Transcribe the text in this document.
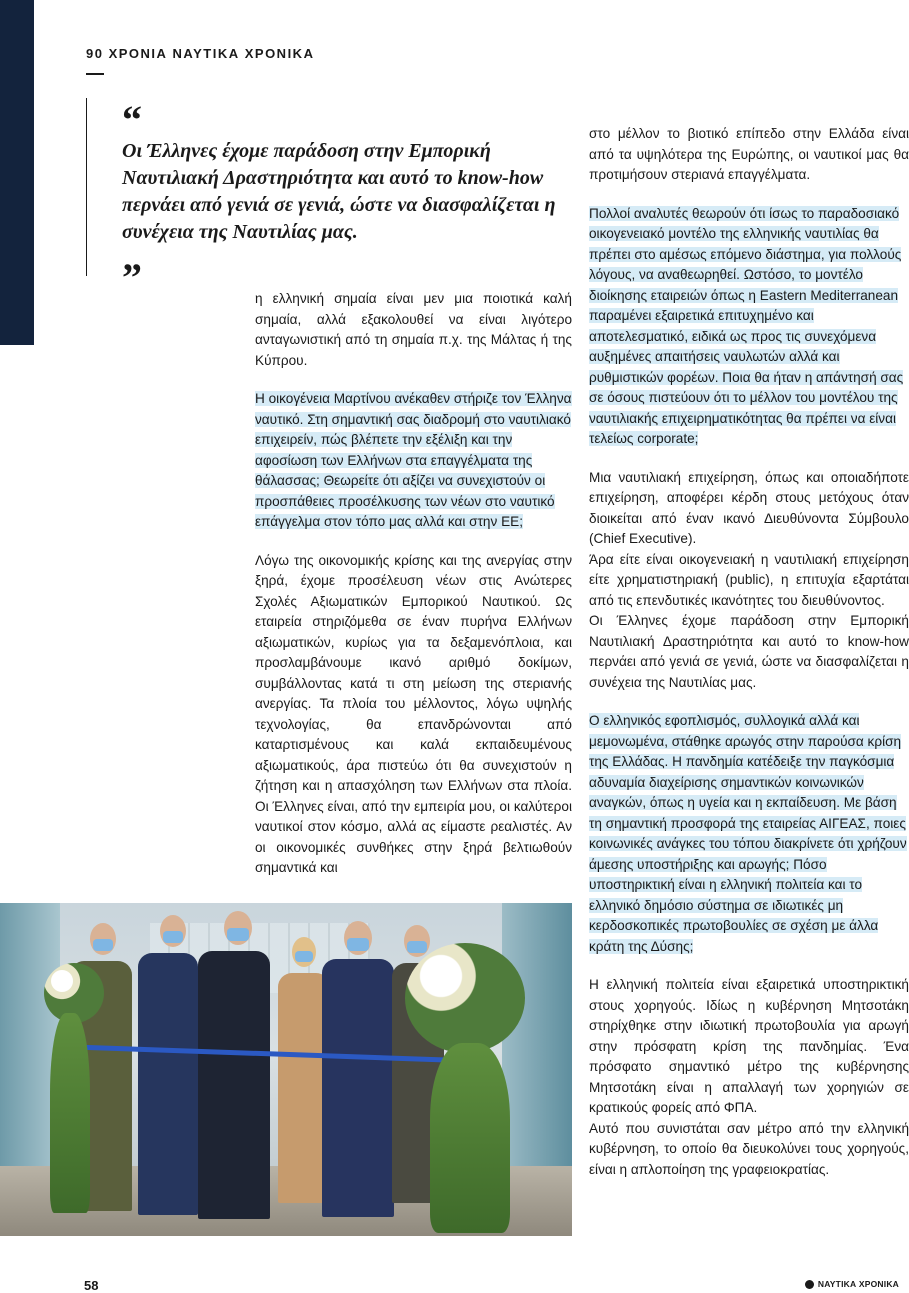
90 ΧΡΟΝΙΑ ΝΑΥΤΙΚΑ ΧΡΟΝΙΚΑ
“

Οι Έλληνες έχομε παράδοση στην Εμπορική Ναυτιλιακή Δραστηριότητα και αυτό το know-how περνάει από γενιά σε γενιά, ώστε να διασφαλίζεται η συνέχεια της Ναυτιλίας μας.

”	η ελληνική σημαία είναι μεν μια ποιοτικά καλή σημαία, αλλά εξακολουθεί να είναι λιγότερο ανταγωνιστική από τη σημαία π.χ. της Μάλτας ή της Κύπρου.

Η οικογένεια Μαρτίνου ανέκαθεν στήριζε τον Έλληνα ναυτικό. Στη σημαντική σας διαδρομή στο ναυτιλιακό επιχειρείν, πώς βλέπετε την εξέλιξη και την αφοσίωση των Ελλήνων στα επαγγέλματα της θάλασσας; Θεωρείτε ότι αξίζει να συνεχιστούν οι προσπάθειες προσέλκυσης των νέων στο ναυτικό επάγγελμα στον τόπο μας αλλά και στην ΕΕ;

Λόγω της οικονομικής κρίσης και της ανεργίας στην ξηρά, έχομε προσέλευση νέων στις Ανώτερες Σχολές Αξιωματικών Εμπορικού Ναυτικού. Ως εταιρεία στηριζόμεθα σε έναν πυρήνα Ελλήνων αξιωματικών, κυρίως για τα δεξαμενόπλοια, και προσλαμβάνουμε ικανό αριθμό δοκίμων, συμβάλλοντας κατά τι στη μείωση της στεριανής ανεργίας. Τα πλοία του μέλλοντος, λόγω υψηλής τεχνολογίας, θα επανδρώνονται από καταρτισμένους και καλά εκπαιδευμένους αξιωματικούς, άρα πιστεύω ότι θα συνεχιστούν η ζήτηση και η απασχόληση των Ελλήνων στα πλοία. Οι Έλληνες είναι, από την εμπειρία μου, οι καλύτεροι ναυτικοί στον κόσμο, αλλά ας είμαστε ρεαλιστές. Αν οι οικονομικές συνθήκες στην ξηρά βελτιωθούν σημαντικά και

στο μέλλον το βιοτικό επίπεδο στην Ελλάδα είναι από τα υψηλότερα της Ευρώπης, οι ναυτικοί μας θα προτιμήσουν στεριανά επαγγέλματα.

Πολλοί αναλυτές θεωρούν ότι ίσως το παραδοσιακό οικογενειακό μοντέλο της ελληνικής ναυτιλίας θα πρέπει στο αμέσως επόμενο διάστημα, για πολλούς λόγους, να αναθεωρηθεί. Ωστόσο, το μοντέλο διοίκησης εταιρειών όπως η Eastern Mediterranean παραμένει εξαιρετικά επιτυχημένο και αποτελεσματικό, ειδικά ως προς τις συνεχόμενα αυξημένες απαιτήσεις ναυλωτών αλλά και ρυθμιστικών φορέων. Ποια θα ήταν η απάντησή σας σε όσους πιστεύουν ότι το μέλλον του μοντέλου της ναυτιλιακής επιχειρηματικότητας θα πρέπει να είναι τελείως corporate;

Μια ναυτιλιακή επιχείρηση, όπως και οποιαδήποτε επιχείρηση, αποφέρει κέρδη στους μετόχους όταν διοικείται από έναν ικανό Διευθύνοντα Σύμβουλο (Chief Executive).

Άρα είτε είναι οικογενειακή η ναυτιλιακή επιχείρηση είτε χρηματιστηριακή (public), η επιτυχία εξαρτάται από τις επενδυτικές ικανότητες του διευθύνοντος.

Οι Έλληνες έχομε παράδοση στην Εμπορική Ναυτιλιακή Δραστηριότητα και αυτό το know-how περνάει από γενιά σε γενιά, ώστε να διασφαλίζεται η συνέχεια της Ναυτιλίας μας.

Ο ελληνικός εφοπλισμός, συλλογικά αλλά και μεμονωμένα, στάθηκε αρωγός στην παρούσα κρίση της Ελλάδας. Η πανδημία κατέδειξε την παγκόσμια αδυναμία διαχείρισης σημαντικών κοινωνικών αναγκών, όπως η υγεία και η εκπαίδευση. Με βάση τη σημαντική προσφορά της εταιρείας ΑΙΓΕΑΣ, ποιες κοινωνικές ανάγκες του τόπου διακρίνετε ότι χρήζουν άμεσης υποστήριξης και αρωγής; Πόσο υποστηρικτική είναι η ελληνική πολιτεία και το ελληνικό δημόσιο σύστημα σε ιδιωτικές μη κερδοσκοπικές πρωτοβουλίες σε σχέση με άλλα κράτη της Δύσης;

Η ελληνική πολιτεία είναι εξαιρετικά υποστηρικτική στους χορηγούς. Ιδίως η κυβέρνηση Μητσοτάκη στηρίχθηκε στην ιδιωτική πρωτοβουλία για αρωγή στην πρόσφατη κρίση της πανδημίας. Ένα πρόσφατο σημαντικό μέτρο της κυβέρνησης Μητσοτάκη είναι η απαλλαγή των χορηγιών σε κρατικούς φορείς από ΦΠΑ.

Αυτό που συνιστάται σαν μέτρο από την ελληνική κυβέρνηση, το οποίο θα διευκολύνει τους χορηγούς, είναι η απλοποίηση της γραφειοκρατίας.

58	ΝΑΥΤΙΚΑ ΧΡΟΝΙΚΑ
